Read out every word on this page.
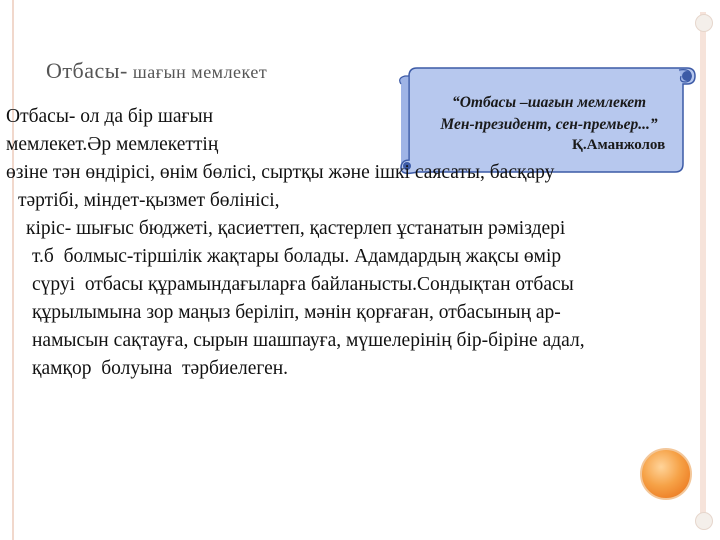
Отбасы- шағын мемлекет
“Отбасы –шағын мемлекет
Мен-президент, сен-премьер...”
Қ.Аманжолов

Отбасы- ол да бір шағын

мемлекет.Әр мемлекеттің

өзіне тән өндірісі, өнім бөлісі, сыртқы және ішкі саясаты, басқару

тәртібі, міндет-қызмет бөлінісі,

кіріс- шығыс бюджеті, қасиеттеп, қастерлеп ұстанатын рәміздері

т.б  болмыс-тіршілік жақтары болады. Адамдардың жақсы өмір

сүруі  отбасы құрамындағыларға байланысты.Сондықтан отбасы

құрылымына зор маңыз беріліп, мәнін қорғаған, отбасының ар-

намысын сақтауға, сырын шашпауға, мүшелерінің бір-біріне адал,

қамқор  болуына  тәрбиелеген.
